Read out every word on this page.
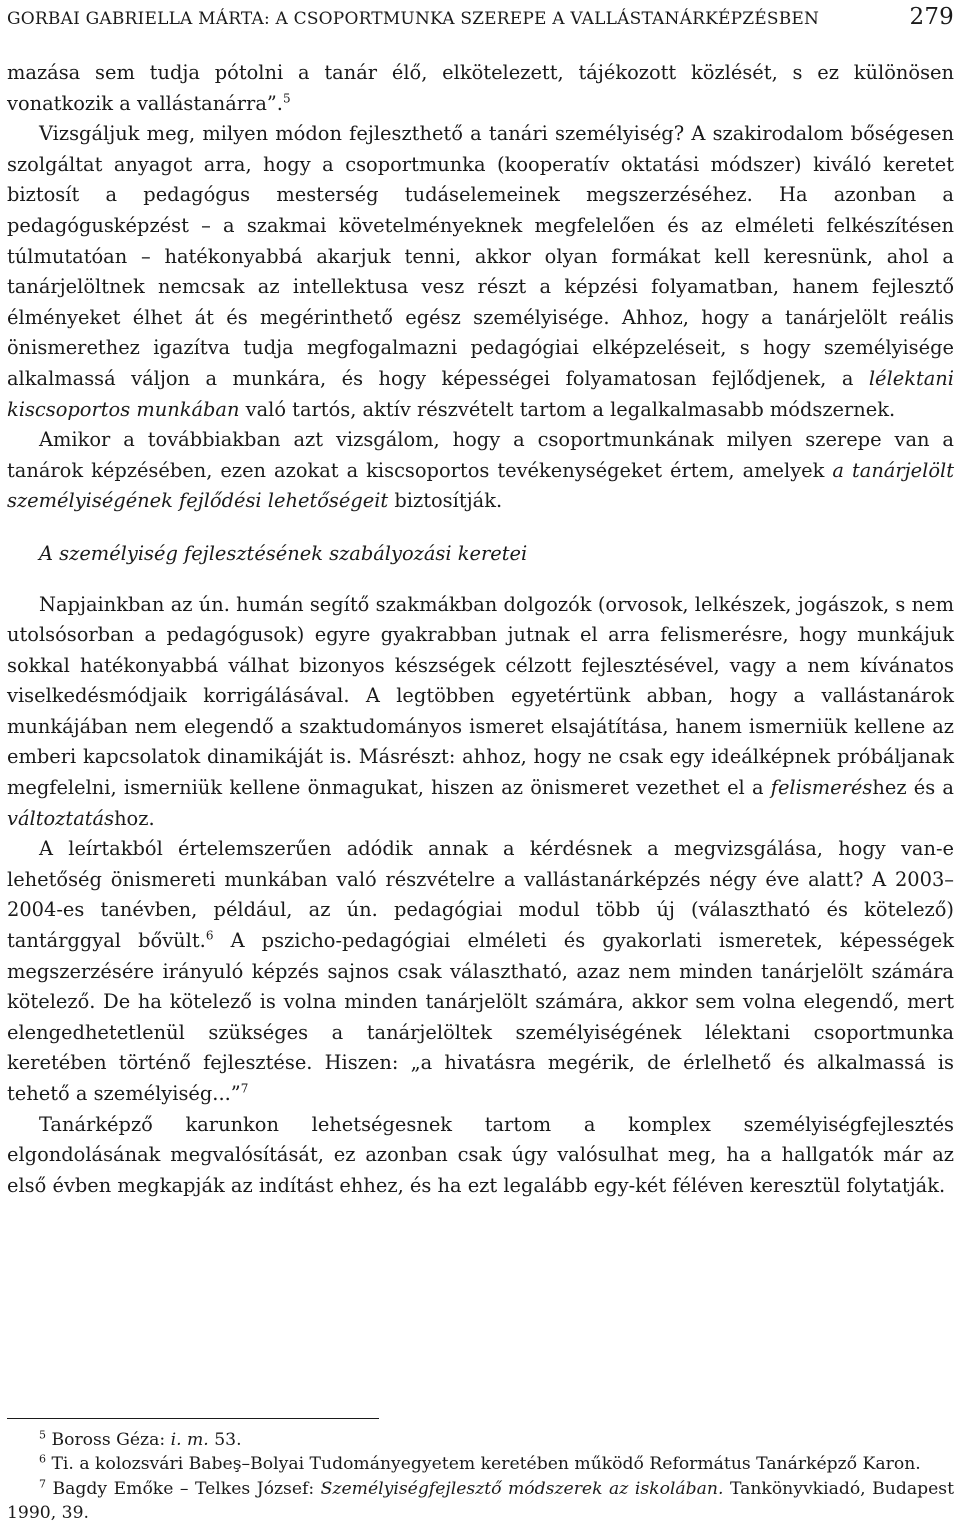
GORBAI GABRIELLA MÁRTA: A CSOPORTMUNKA SZEREPE A VALLÁSTANÁRKÉPZÉSBEN	279

mazása sem tudja pótolni a tanár élő, elkötelezett, tájékozott közlését, s ez különösen vonatkozik a vallástanárra”.$^5$

Vizsgáljuk meg, milyen módon fejleszthető a tanári személyiség? A szakirodalom bőségesen szolgáltat anyagot arra, hogy a csoportmunka (kooperatív oktatási módszer) kiváló keretet biztosít a pedagógus mesterség tudáselemeinek megszerzéséhez. Ha azonban a pedagógusképzést – a szakmai követelményeknek megfelelően és az elméleti felkészítésen túlmutatóan – hatékonyabbá akarjuk tenni, akkor olyan formákat kell keresnünk, ahol a tanárjelöltnek nemcsak az intellektusa vesz részt a képzési folyamatban, hanem fejlesztő élményeket élhet át és megérinthető egész személyisége. Ahhoz, hogy a tanárjelölt reális önismerethez igazítva tudja megfogalmazni pedagógiai elképzeléseit, s hogy személyisége alkalmassá váljon a munkára, és hogy képességei folyamatosan fejlődjenek, a lélektani kiscsoportos munkában való tartós, aktív részvételt tartom a legalkalmasabb módszernek.

Amikor a továbbiakban azt vizsgálom, hogy a csoportmunkának milyen szerepe van a tanárok képzésében, ezen azokat a kiscsoportos tevékenységeket értem, amelyek a tanárjelölt személyiségének fejlődési lehetőségeit biztosítják.

A személyiség fejlesztésének szabályozási keretei

Napjainkban az ún. humán segítő szakmákban dolgozók (orvosok, lelkészek, jogászok, s nem utolsósorban a pedagógusok) egyre gyakrabban jutnak el arra felismerésre, hogy munkájuk sokkal hatékonyabbá válhat bizonyos készségek célzott fejlesztésével, vagy a nem kívánatos viselkedésmódjaik korrigálásával. A legtöbben egyetértünk abban, hogy a vallástanárok munkájában nem elegendő a szaktudományos ismeret elsajátítása, hanem ismerniük kellene az emberi kapcsolatok dinamikáját is. Másrészt: ahhoz, hogy ne csak egy ideálképnek próbáljanak megfelelni, ismerniük kellene önmagukat, hiszen az önismeret vezethet el a felismeréshez és a változtatáshoz.

A leírtakból értelemszerűen adódik annak a kérdésnek a megvizsgálása, hogy van-e lehetőség önismereti munkában való részvételre a vallástanárképzés négy éve alatt? A 2003–2004-es tanévben, például, az ún. pedagógiai modul több új (választható és kötelező) tantárggyal bővült.$^6$ A pszicho-pedagógiai elméleti és gyakorlati ismeretek, képességek megszerzésére irányuló képzés sajnos csak választható, azaz nem minden tanárjelölt számára kötelező. De ha kötelező is volna minden tanárjelölt számára, akkor sem volna elegendő, mert elengedhetetlenül szükséges a tanárjelöltek személyiségének lélektani csoportmunka keretében történő fejlesztése. Hiszen: „a hivatásra megérik, de érlelhető és alkalmassá is tehető a személyiség...”$^7$

Tanárképző karunkon lehetségesnek tartom a komplex személyiségfejlesztés elgondolásának megvalósítását, ez azonban csak úgy valósulhat meg, ha a hallgatók már az első évben megkapják az indítást ehhez, és ha ezt legalább egy-két féléven keresztül folytatják.

$^5$ Boross Géza: i. m. 53.

$^6$ Ti. a kolozsvári Babeş–Bolyai Tudományegyetem keretében működő Református Tanárképző Karon.

$^7$ Bagdy Emőke – Telkes József: Személyiségfejlesztő módszerek az iskolában. Tankönyvkiadó, Budapest 1990, 39.
